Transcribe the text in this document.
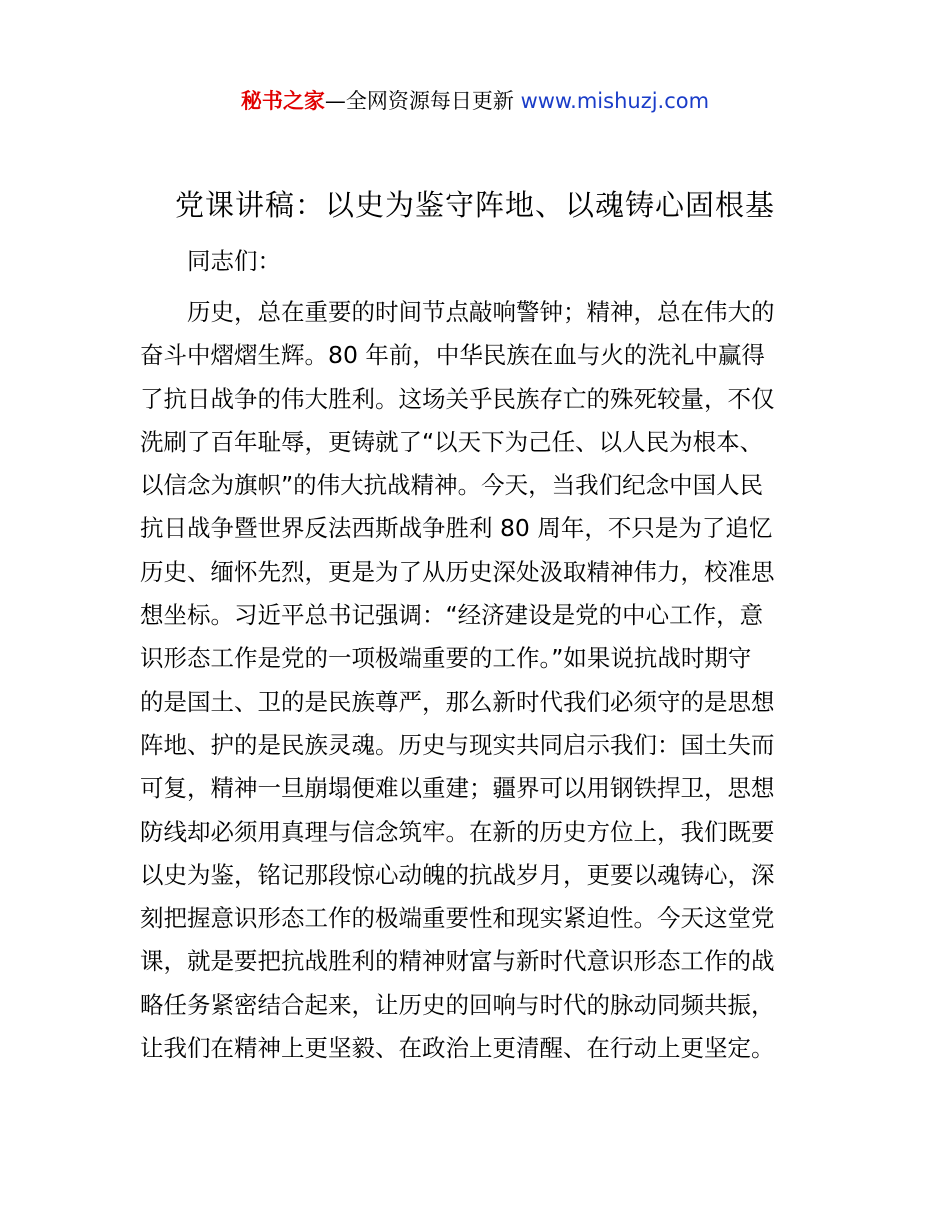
秘书之家—全网资源每日更新 www.mishuzj.com
党课讲稿：以史为鉴守阵地、以魂铸心固根基

同志们：

历史，总在重要的时间节点敲响警钟；精神，总在伟大的
奋斗中熠熠生辉。80 年前，中华民族在血与火的洗礼中赢得
了抗日战争的伟大胜利。这场关乎民族存亡的殊死较量，不仅
洗刷了百年耻辱，更铸就了“以天下为己任、以人民为根本、
以信念为旗帜”的伟大抗战精神。今天，当我们纪念中国人民
抗日战争暨世界反法西斯战争胜利 80 周年，不只是为了追忆
历史、缅怀先烈，更是为了从历史深处汲取精神伟力，校准思
想坐标。习近平总书记强调：“经济建设是党的中心工作，意
识形态工作是党的一项极端重要的工作。”如果说抗战时期守
的是国土、卫的是民族尊严，那么新时代我们必须守的是思想
阵地、护的是民族灵魂。历史与现实共同启示我们：国土失而
可复，精神一旦崩塌便难以重建；疆界可以用钢铁捍卫，思想
防线却必须用真理与信念筑牢。在新的历史方位上，我们既要
以史为鉴，铭记那段惊心动魄的抗战岁月，更要以魂铸心，深
刻把握意识形态工作的极端重要性和现实紧迫性。今天这堂党
课，就是要把抗战胜利的精神财富与新时代意识形态工作的战
略任务紧密结合起来，让历史的回响与时代的脉动同频共振，
让我们在精神上更坚毅、在政治上更清醒、在行动上更坚定。
